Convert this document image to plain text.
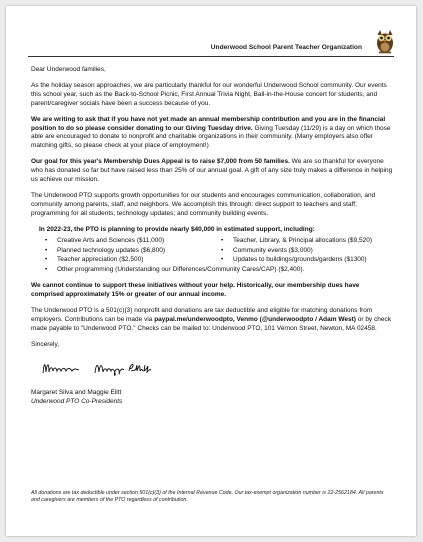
Underwood School Parent Teacher Organization

Dear Underwood families,

As the holiday season approaches, we are particularly thankful for our wonderful Underwood School community. Our events this school year, such as the Back-to-School Picnic, First Annual Trivia Night, Ball-in-the-House concert for students, and parent/caregiver socials have been a success because of you.

We are writing to ask that if you have not yet made an annual membership contribution and you are in the financial position to do so please consider donating to our Giving Tuesday drive. Giving Tuesday (11/29) is a day on which those able are encouraged to donate to nonprofit and charitable organizations in their community. (Many employers also offer matching gifts, so please check at your place of employment!)

Our goal for this year's Membership Dues Appeal is to raise $7,000 from 50 families. We are so thankful for everyone who has donated so far but have raised less than 25% of our annual goal. A gift of any size truly makes a difference in helping us achieve our mission.

The Underwood PTO supports growth opportunities for our students and encourages communication, collaboration, and community among parents, staff, and neighbors. We accomplish this through: direct support to teachers and staff; programming for all students; technology updates; and community building events.

In 2022-23, the PTO is planning to provide nearly $40,000 in estimated support, including:
• Creative Arts and Sciences ($11,000)	• Teacher, Library, & Principal allocations ($9,520)
• Planned technology updates ($6,800)	• Community events ($3,000)
• Teacher appreciation ($2,500)	• Updates to buildings/grounds/gardens ($1300)
• Other programming (Understanding our Differences/Community Cares/CAP) ($2,400).

We cannot continue to support these initiatives without your help. Historically, our membership dues have comprised approximately 15% or greater of our annual income.

The Underwood PTO is a 501(c)(3) nonprofit and donations are tax deductible and eligible for matching donations from employers. Contributions can be made via paypal.me/underwoodpto, Venmo (@underwoodpto / Adam West) or by check made payable to "Underwood PTO." Checks can be mailed to: Underwood PTO, 101 Vernon Street, Newton, MA 02458.

Sincerely,

Margaret Silva and Maggie Elitt
Underwood PTO Co-Presidents
All donations are tax deductible under section 501(c)(3) of the Internal Revenue Code. Our tax-exempt organization number is 22-2562184. All parents and caregivers are members of the PTO regardless of contribution.
